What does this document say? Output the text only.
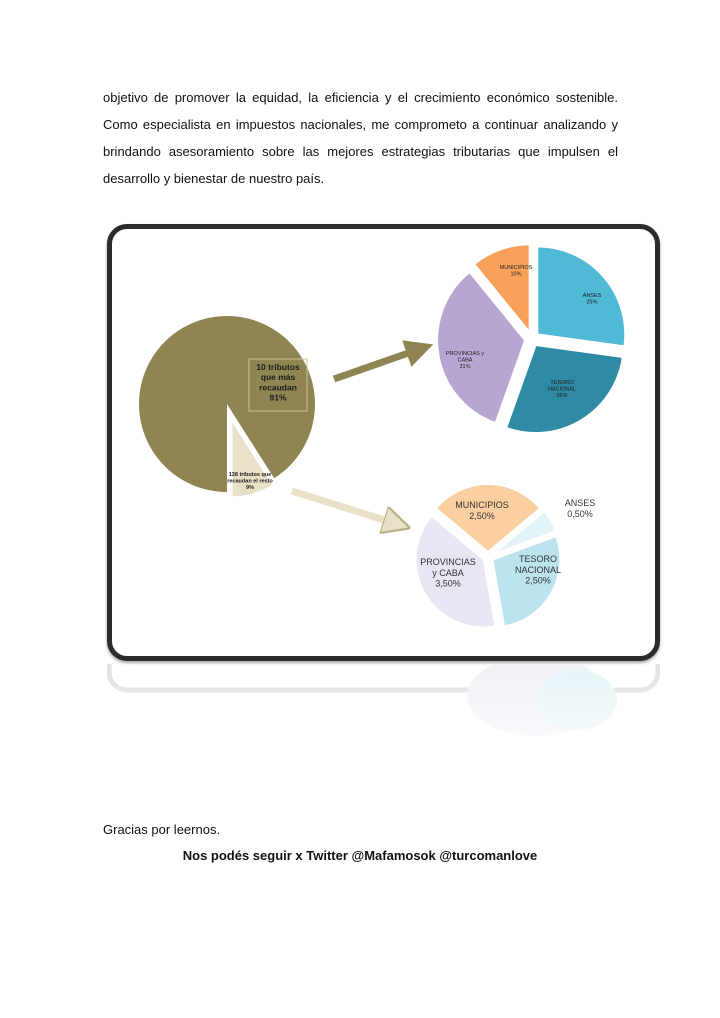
objetivo de promover la equidad, la eficiencia y el crecimiento económico sostenible.
Como especialista en impuestos nacionales, me comprometo a continuar analizando y
brindando asesoramiento sobre las mejores estrategias tributarias que impulsen el
desarrollo y bienestar de nuestro país.
10 tributos que más recaudan 91%
138 tributos que recaudan el resto 9%
ANSES 25%
TESORO NACIONAL 26%
PROVINCIAS y CABA 31%
MUNICIPIOS 10%
ANSES 0,50%
TESORO NACIONAL 2,50%
PROVINCIAS y CABA 3,50%
MUNICIPIOS 2,50%
Gracias por leernos.
Nos podés seguir x Twitter @Mafamosok @turcomanlove
